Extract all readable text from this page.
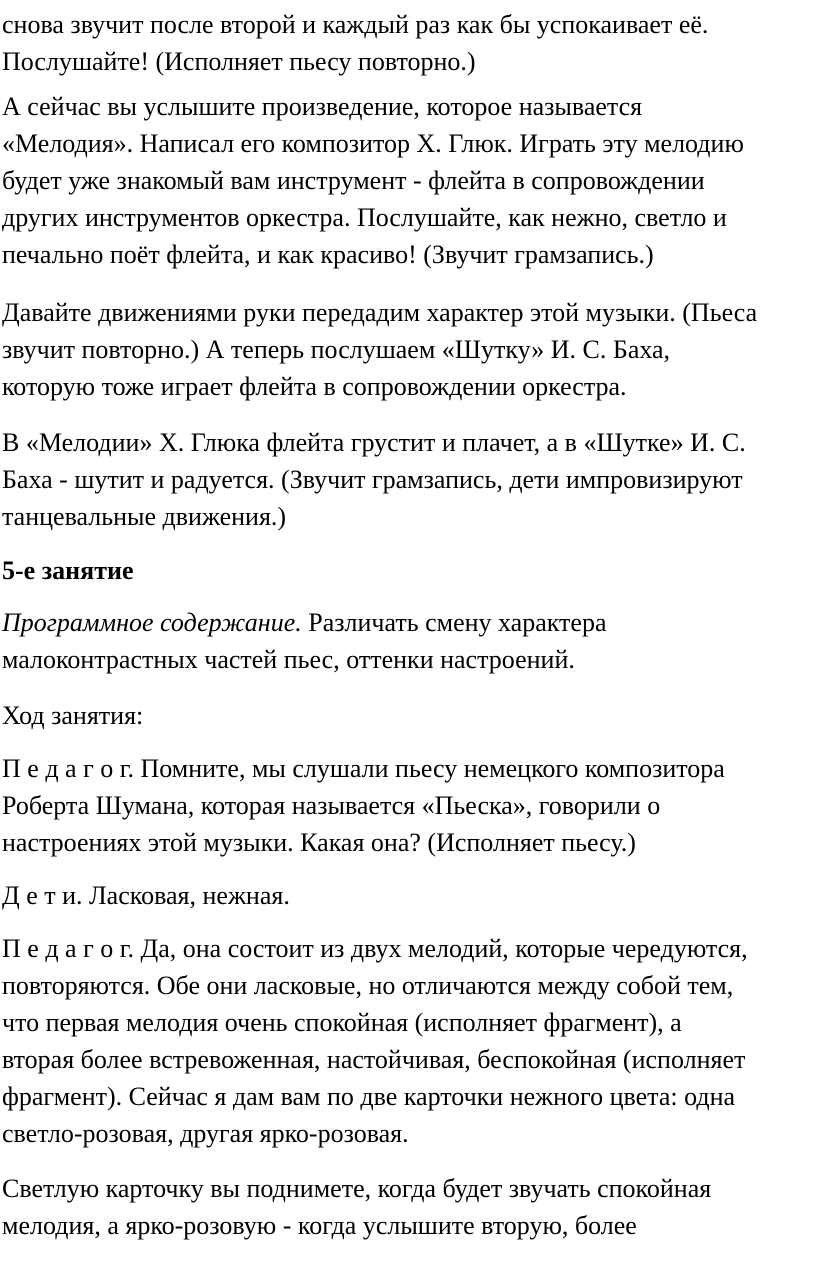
снова звучит после второй и каждый раз как бы успокаивает её.
Послушайте! (Исполняет пьесу повторно.)

А сейчас вы услышите произведение, которое называется
«Мелодия». Написал его композитор X. Глюк. Играть эту мелодию
будет уже знакомый вам инструмент - флейта в сопровождении
других инструментов оркестра. Послушайте, как нежно, светло и
печально поёт флейта, и как красиво! (Звучит грамзапись.)

Давайте движениями руки передадим характер этой музыки. (Пьеса
звучит повторно.) А теперь послушаем «Шутку» И. С. Баха,
которую тоже играет флейта в сопровождении оркестра.

В «Мелодии» X. Глюка флейта грустит и плачет, а в «Шутке» И. С.
Баха - шутит и радуется. (Звучит грамзапись, дети импровизируют
танцевальные движения.)

5-е занятие

Программное содержание. Различать смену характера
малоконтрастных частей пьес, оттенки настроений.

Ход занятия:

П е д а г о г. Помните, мы слушали пьесу немецкого композитора
Роберта Шумана, которая называется «Пьеска», говорили о
настроениях этой музыки. Какая она? (Исполняет пьесу.)

Д е т и. Ласковая, нежная.

П е д а г о г. Да, она состоит из двух мелодий, которые чередуются,
повторяются. Обе они ласковые, но отличаются между собой тем,
что первая мелодия очень спокойная (исполняет фрагмент), а
вторая более встревоженная, настойчивая, беспокойная (исполняет
фрагмент). Сейчас я дам вам по две карточки нежного цвета: одна
светло-розовая, другая ярко-розовая.

Светлую карточку вы поднимете, когда будет звучать спокойная
мелодия, а ярко-розовую - когда услышите вторую, более
